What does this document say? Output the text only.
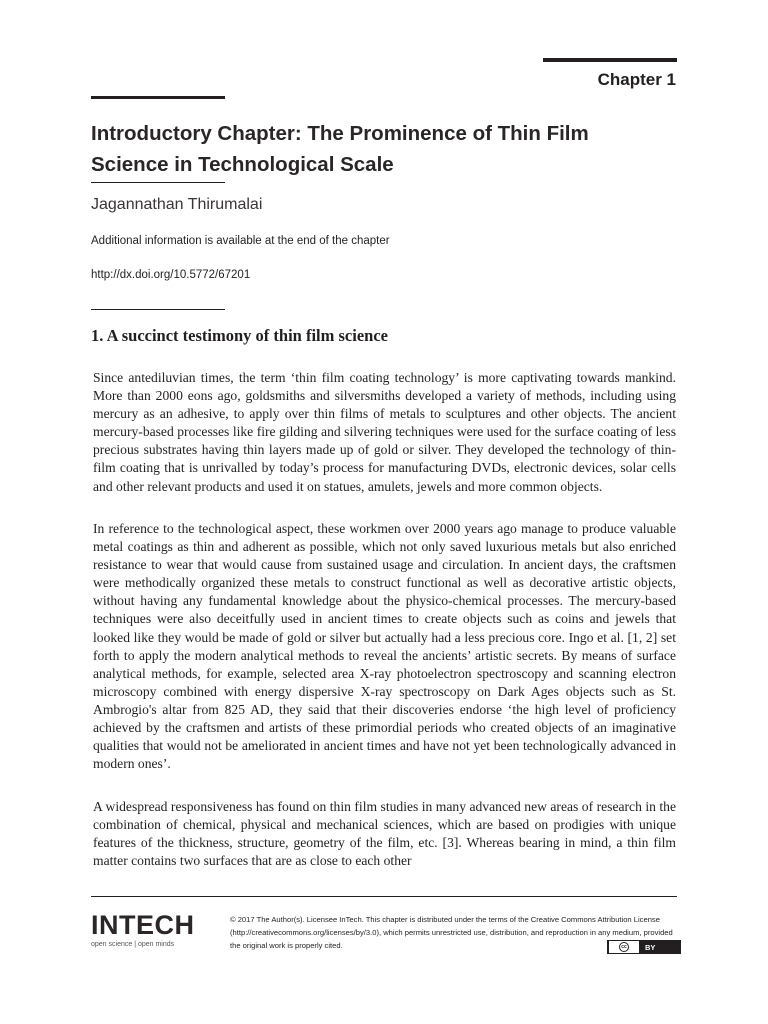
Chapter 1
Introductory Chapter: The Prominence of Thin Film
Science in Technological Scale
Jagannathan Thirumalai
Additional information is available at the end of the chapter
http://dx.doi.org/10.5772/67201
1. A succinct testimony of thin film science

Since antediluvian times, the term ‘thin film coating technology’ is more captivating towards mankind. More than 2000 eons ago, goldsmiths and silversmiths developed a variety of methods, including using mercury as an adhesive, to apply over thin films of metals to sculptures and other objects. The ancient mercury-based processes like fire gilding and silvering techniques were used for the surface coating of less precious substrates having thin layers made up of gold or silver. They developed the technology of thin-film coating that is unrivalled by today’s process for manufacturing DVDs, electronic devices, solar cells and other relevant products and used it on statues, amulets, jewels and more common objects.

In reference to the technological aspect, these workmen over 2000 years ago manage to produce valuable metal coatings as thin and adherent as possible, which not only saved luxurious metals but also enriched resistance to wear that would cause from sustained usage and circulation. In ancient days, the craftsmen were methodically organized these metals to construct functional as well as decorative artistic objects, without having any fundamental knowledge about the physico-chemical processes. The mercury-based techniques were also deceitfully used in ancient times to create objects such as coins and jewels that looked like they would be made of gold or silver but actually had a less precious core. Ingo et al. [1, 2] set forth to apply the modern analytical methods to reveal the ancients’ artistic secrets. By means of surface analytical methods, for example, selected area X-ray photoelectron spectroscopy and scanning electron microscopy combined with energy dispersive X-ray spectroscopy on Dark Ages objects such as St. Ambrogio's altar from 825 AD, they said that their discoveries endorse ‘the high level of proficiency achieved by the craftsmen and artists of these primordial periods who created objects of an imaginative qualities that would not be ameliorated in ancient times and have not yet been technologically advanced in modern ones’.

A widespread responsiveness has found on thin film studies in many advanced new areas of research in the combination of chemical, physical and mechanical sciences, which are based on prodigies with unique features of the thickness, structure, geometry of the film, etc. [3]. Whereas bearing in mind, a thin film matter contains two surfaces that are as close to each other

INTECH
open science | open minds
© 2017 The Author(s). Licensee InTech. This chapter is distributed under the terms of the Creative Commons Attribution License (http://creativecommons.org/licenses/by/3.0), which permits unrestricted use, distribution, and reproduction in any medium, provided the original work is properly cited.	cc BY
